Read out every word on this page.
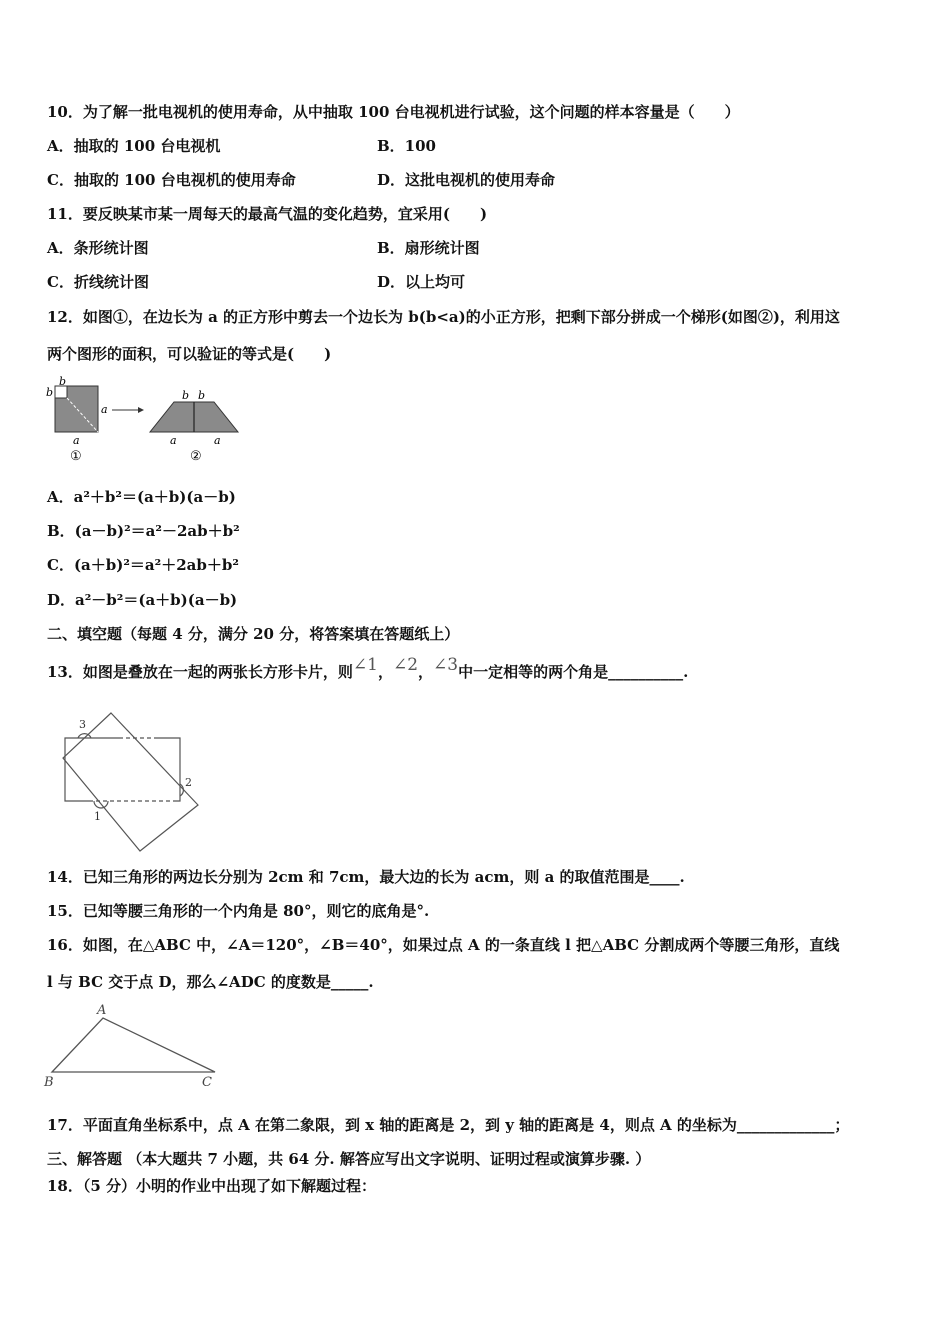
10．为了解一批电视机的使用寿命，从中抽取 100 台电视机进行试验，这个问题的样本容量是（　　）
A．抽取的 100 台电视机	B．100
C．抽取的 100 台电视机的使用寿命	D．这批电视机的使用寿命
11．要反映某市某一周每天的最高气温的变化趋势，宜采用(　　)
A．条形统计图	B．扇形统计图
C．折线统计图	D．以上均可
12．如图①，在边长为 a 的正方形中剪去一个边长为 b(b<a)的小正方形，把剩下部分拼成一个梯形(如图②)，利用这
两个图形的面积，可以验证的等式是(　　)
b
b
a
a
①
b b
a	a
②
A．a²＋b²＝(a＋b)(a－b)
B．(a－b)²＝a²－2ab＋b²
C．(a＋b)²＝a²＋2ab＋b²
D．a²－b²＝(a＋b)(a－b)
二、填空题（每题 4 分，满分 20 分，将答案填在答题纸上）
13．如图是叠放在一起的两张长方形卡片，则∠1，∠2，∠3中一定相等的两个角是__________.
3
1
2
14．已知三角形的两边长分别为 2cm 和 7cm，最大边的长为 acm，则 a 的取值范围是____.
15．已知等腰三角形的一个内角是 80°，则它的底角是°.
16．如图，在△ABC 中，∠A＝120°，∠B＝40°，如果过点 A 的一条直线 l 把△ABC 分割成两个等腰三角形，直线
l 与 BC 交于点 D，那么∠ADC 的度数是_____.
A
B	C
17．平面直角坐标系中，点 A 在第二象限，到 x 轴的距离是 2，到 y 轴的距离是 4，则点 A 的坐标为_____________；
三、解答题 （本大题共 7 小题，共 64 分. 解答应写出文字说明、证明过程或演算步骤. ）
18．（5 分）小明的作业中出现了如下解题过程：
